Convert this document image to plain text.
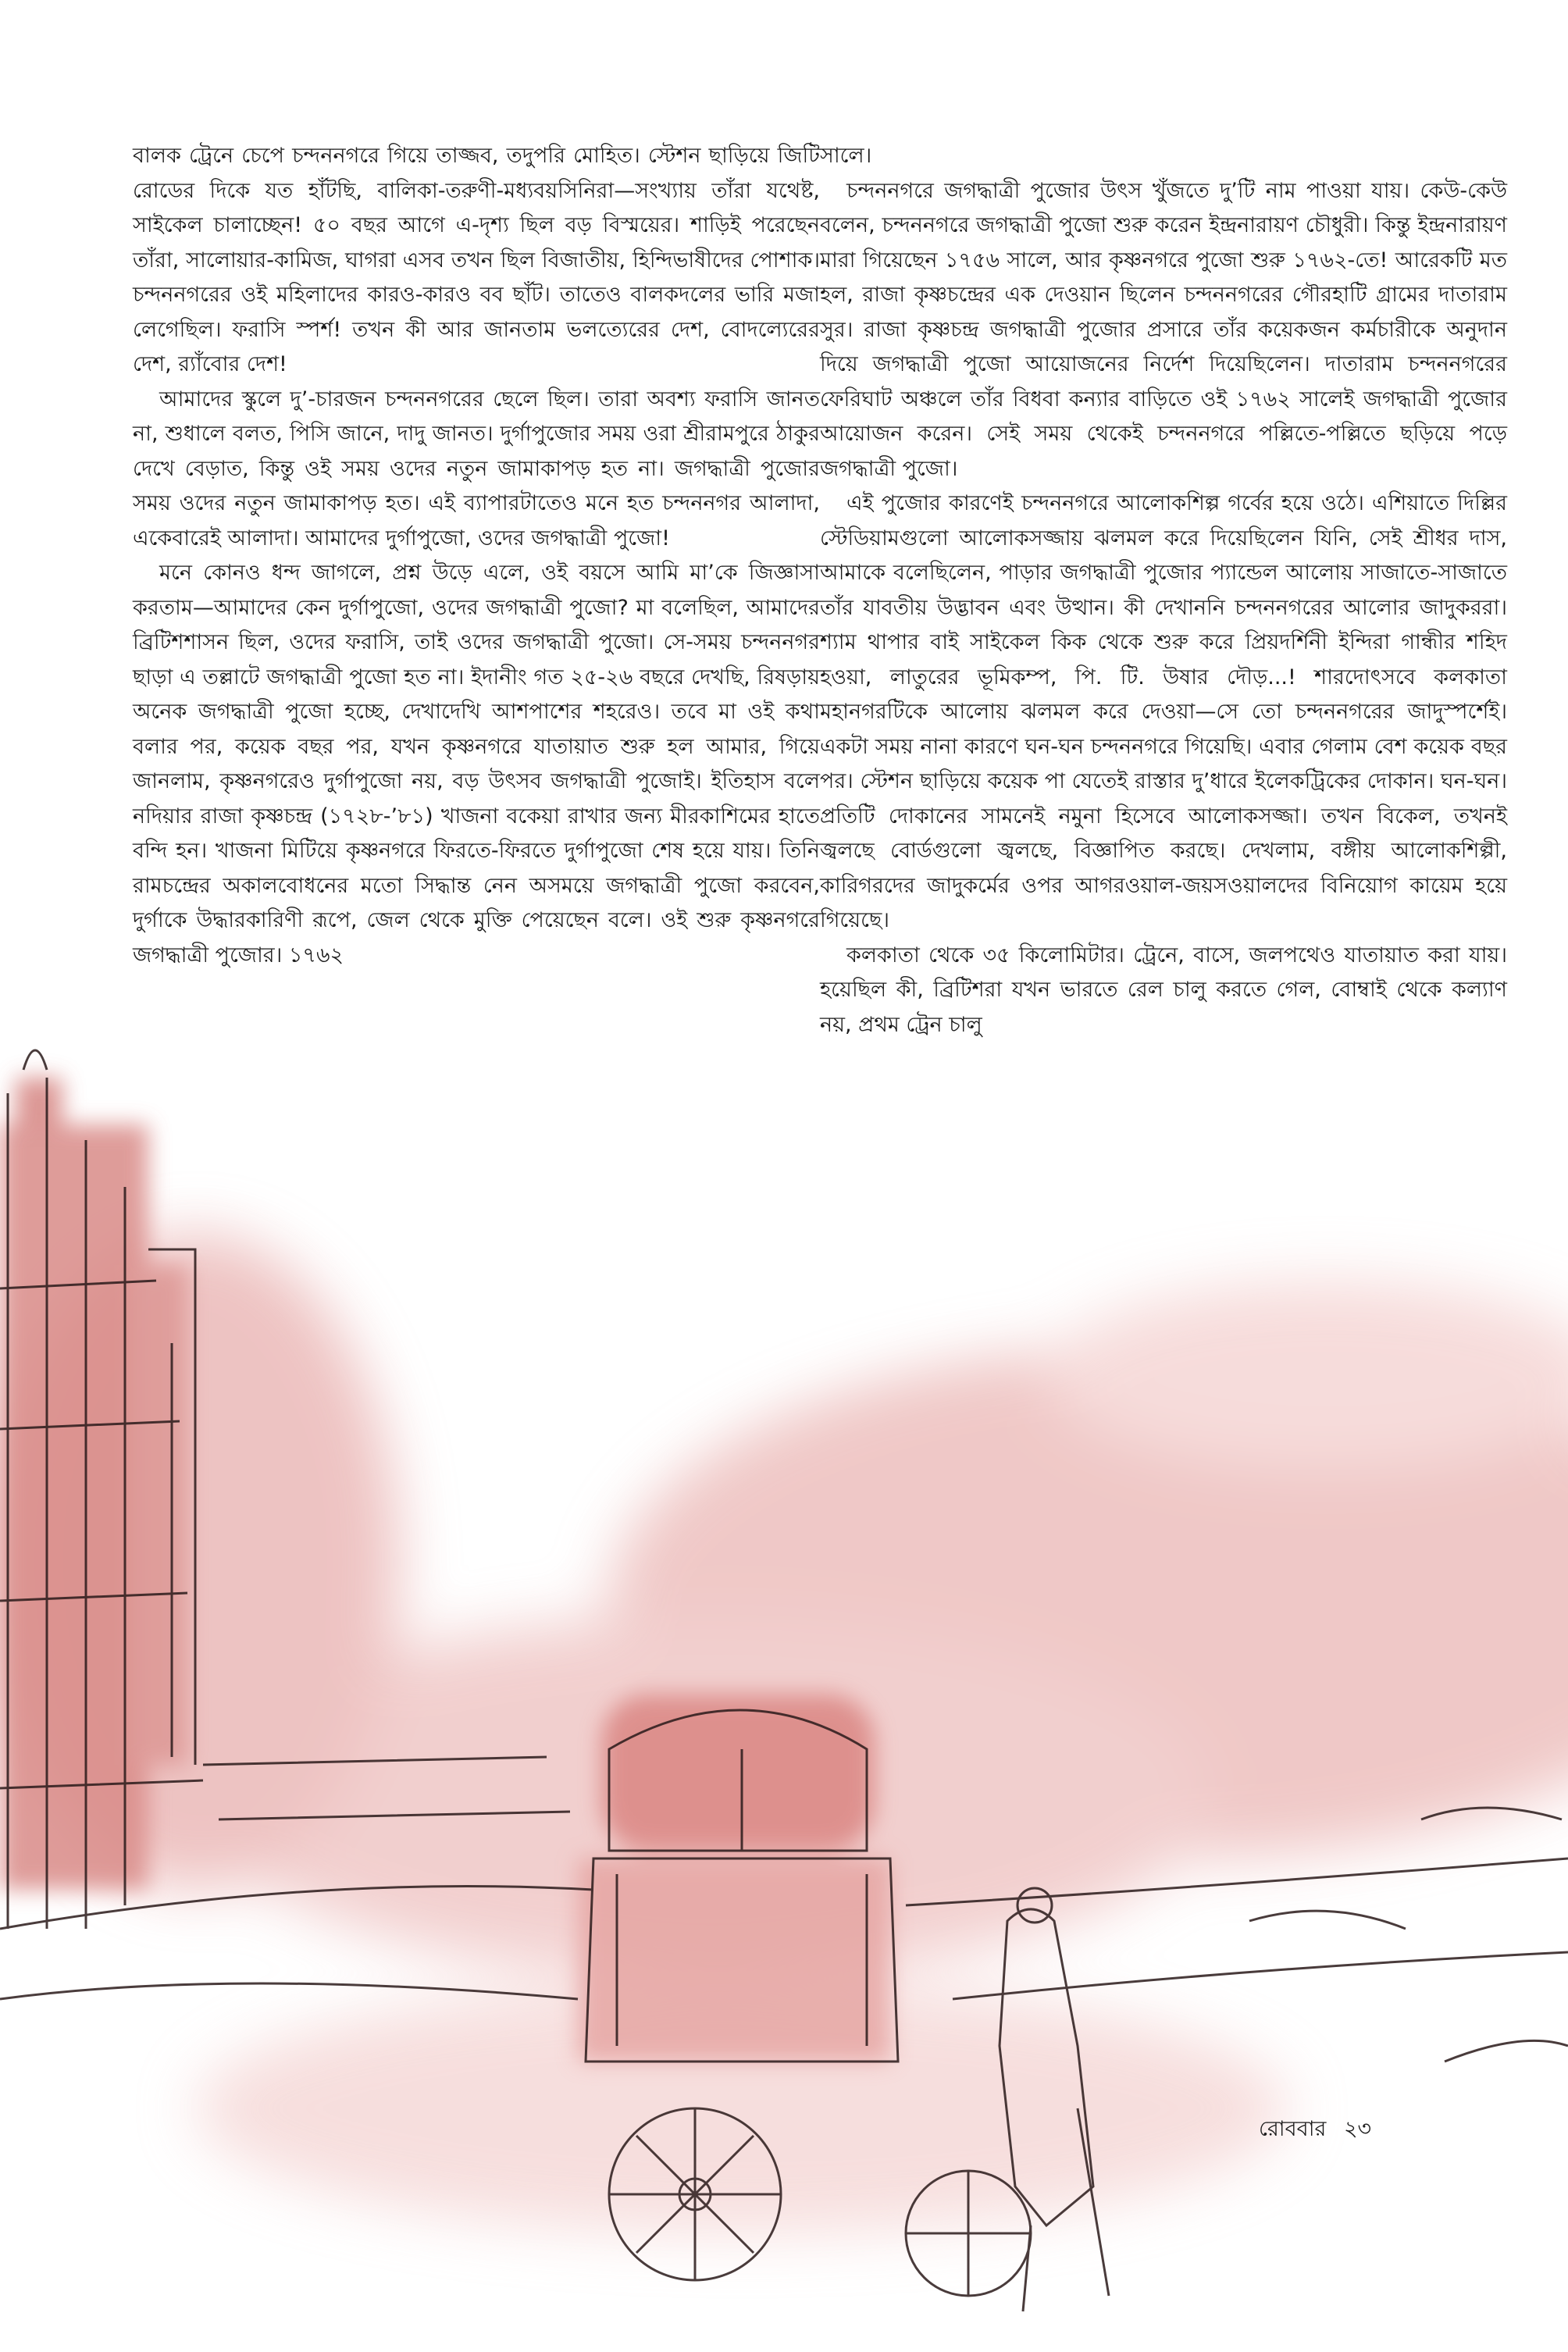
বালক ট্রেনে চেপে চন্দননগরে গিয়ে তাজ্জব, তদুপরি মোহিত। স্টেশন ছাড়িয়ে জিটি রোডের দিকে যত হাঁটছি, বালিকা-তরুণী-মধ্যবয়সিনিরা—সংখ্যায় তাঁরা যথেষ্ট, সাইকেল চালাচ্ছেন! ৫০ বছর আগে এ-দৃশ্য ছিল বড় বিস্ময়ের। শাড়িই পরেছেন তাঁরা, সালোয়ার-কামিজ, ঘাগরা এসব তখন ছিল বিজাতীয়, হিন্দিভাষীদের পোশাক। চন্দননগরের ওই মহিলাদের কারও-কারও বব ছাঁট। তাতেও বালকদলের ভারি মজা লেগেছিল। ফরাসি স্পর্শ! তখন কী আর জানতাম ভলত্যেরের দেশ, বোদল্যেরের দেশ, র‍্যাঁবোর দেশ!

আমাদের স্কুলে দু’-চারজন চন্দননগরের ছেলে ছিল। তারা অবশ্য ফরাসি জানত না, শুধালে বলত, পিসি জানে, দাদু জানত। দুর্গাপুজোর সময় ওরা শ্রীরামপুরে ঠাকুর দেখে বেড়াত, কিন্তু ওই সময় ওদের নতুন জামাকাপড় হত না। জগদ্ধাত্রী পুজোর সময় ওদের নতুন জামাকাপড় হত। এই ব্যাপারটাতেও মনে হত চন্দননগর আলাদা, একেবারেই আলাদা। আমাদের দুর্গাপুজো, ওদের জগদ্ধাত্রী পুজো!

মনে কোনও ধন্দ জাগলে, প্রশ্ন উড়ে এলে, ওই বয়সে আমি মা’কে জিজ্ঞাসা করতাম—আমাদের কেন দুর্গাপুজো, ওদের জগদ্ধাত্রী পুজো? মা বলেছিল, আমাদের ব্রিটিশশাসন ছিল, ওদের ফরাসি, তাই ওদের জগদ্ধাত্রী পুজো। সে-সময় চন্দননগর ছাড়া এ তল্লাটে জগদ্ধাত্রী পুজো হত না। ইদানীং গত ২৫-২৬ বছরে দেখছি, রিষড়ায় অনেক জগদ্ধাত্রী পুজো হচ্ছে, দেখাদেখি আশপাশের শহরেও। তবে মা ওই কথা বলার পর, কয়েক বছর পর, যখন কৃষ্ণনগরে যাতায়াত শুরু হল আমার, গিয়ে জানলাম, কৃষ্ণনগরেও দুর্গাপুজো নয়, বড় উৎসব জগদ্ধাত্রী পুজোই। ইতিহাস বলে নদিয়ার রাজা কৃষ্ণচন্দ্র (১৭২৮-’৮১) খাজনা বকেয়া রাখার জন্য মীরকাশিমের হাতে বন্দি হন। খাজনা মিটিয়ে কৃষ্ণনগরে ফিরতে-ফিরতে দুর্গাপুজো শেষ হয়ে যায়। তিনি রামচন্দ্রের অকালবোধনের মতো সিদ্ধান্ত নেন অসময়ে জগদ্ধাত্রী পুজো করবেন, দুর্গাকে উদ্ধারকারিণী রূপে, জেল থেকে মুক্তি পেয়েছেন বলে। ওই শুরু কৃষ্ণনগরে জগদ্ধাত্রী পুজোর। ১৭৬২

সালে।

চন্দননগরে জগদ্ধাত্রী পুজোর উৎস খুঁজতে দু’টি নাম পাওয়া যায়। কেউ-কেউ বলেন, চন্দননগরে জগদ্ধাত্রী পুজো শুরু করেন ইন্দ্রনারায়ণ চৌধুরী। কিন্তু ইন্দ্রনারায়ণ মারা গিয়েছেন ১৭৫৬ সালে, আর কৃষ্ণনগরে পুজো শুরু ১৭৬২-তে! আরেকটি মত হল, রাজা কৃষ্ণচন্দ্রের এক দেওয়ান ছিলেন চন্দননগরের গৌরহাটি গ্রামের দাতারাম সুর। রাজা কৃষ্ণচন্দ্র জগদ্ধাত্রী পুজোর প্রসারে তাঁর কয়েকজন কর্মচারীকে অনুদান দিয়ে জগদ্ধাত্রী পুজো আয়োজনের নির্দেশ দিয়েছিলেন। দাতারাম চন্দননগরের ফেরিঘাট অঞ্চলে তাঁর বিধবা কন্যার বাড়িতে ওই ১৭৬২ সালেই জগদ্ধাত্রী পুজোর আয়োজন করেন। সেই সময় থেকেই চন্দননগরে পল্লিতে-পল্লিতে ছড়িয়ে পড়ে জগদ্ধাত্রী পুজো।

এই পুজোর কারণেই চন্দননগরে আলোকশিল্প গর্বের হয়ে ওঠে। এশিয়াতে দিল্লির স্টেডিয়ামগুলো আলোকসজ্জায় ঝলমল করে দিয়েছিলেন যিনি, সেই শ্রীধর দাস, আমাকে বলেছিলেন, পাড়ার জগদ্ধাত্রী পুজোর প্যান্ডেল আলোয় সাজাতে-সাজাতে তাঁর যাবতীয় উদ্ভাবন এবং উত্থান। কী দেখাননি চন্দননগরের আলোর জাদুকররা। শ্যাম থাপার বাই সাইকেল কিক থেকে শুরু করে প্রিয়দর্শিনী ইন্দিরা গান্ধীর শহিদ হওয়া, লাতুরের ভূমিকম্প, পি. টি. উষার দৌড়...! শারদোৎসবে কলকাতা মহানগরটিকে আলোয় ঝলমল করে দেওয়া—সে তো চন্দননগরের জাদুস্পর্শেই। একটা সময় নানা কারণে ঘন-ঘন চন্দননগরে গিয়েছি। এবার গেলাম বেশ কয়েক বছর পর। স্টেশন ছাড়িয়ে কয়েক পা যেতেই রাস্তার দু’ধারে ইলেকট্রিকের দোকান। ঘন-ঘন। প্রতিটি দোকানের সামনেই নমুনা হিসেবে আলোকসজ্জা। তখন বিকেল, তখনই জ্বলছে বোর্ডগুলো জ্বলছে, বিজ্ঞাপিত করছে। দেখলাম, বঙ্গীয় আলোকশিল্পী, কারিগরদের জাদুকর্মের ওপর আগরওয়াল-জয়সওয়ালদের বিনিয়োগ কায়েম হয়ে গিয়েছে।

কলকাতা থেকে ৩৫ কিলোমিটার। ট্রেনে, বাসে, জলপথেও যাতায়াত করা যায়। হয়েছিল কী, ব্রিটিশরা যখন ভারতে রেল চালু করতে গেল, বোম্বাই থেকে কল্যাণ নয়, প্রথম ট্রেন চালু

রোববার ২৩
